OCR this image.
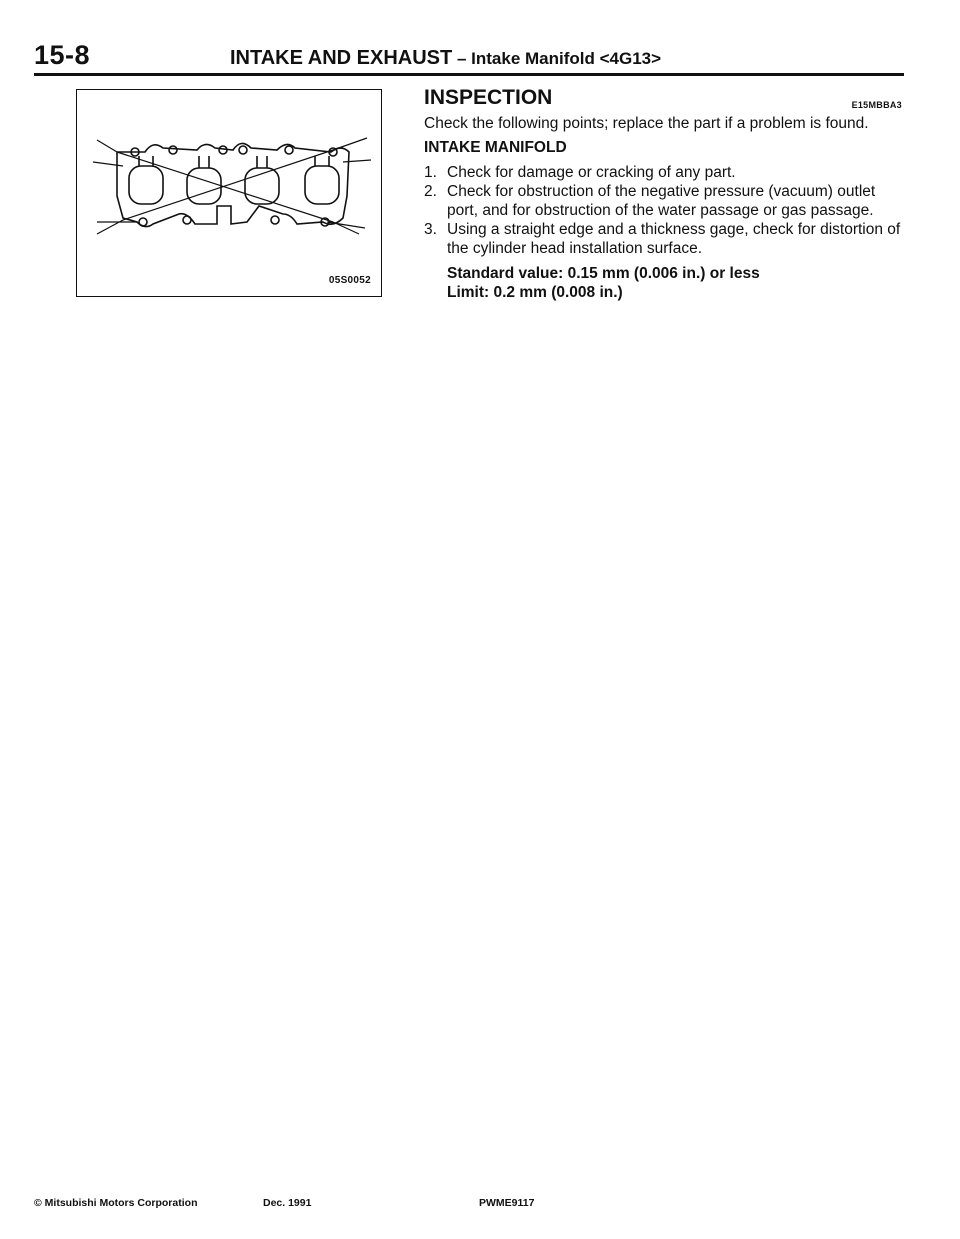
15-8	INTAKE AND EXHAUST – Intake Manifold <4G13>
05S0052
INSPECTION	E15MBBA3
Check the following points; replace the part if a problem is found.
INTAKE MANIFOLD
1. Check for damage or cracking of any part.
2. Check for obstruction of the negative pressure (vacuum) outlet port, and for obstruction of the water passage or gas passage.
3. Using a straight edge and a thickness gage, check for distortion of the cylinder head installation surface.
Standard value: 0.15 mm (0.006 in.) or less
Limit: 0.2 mm (0.008 in.)
© Mitsubishi Motors Corporation	Dec. 1991	PWME9117
